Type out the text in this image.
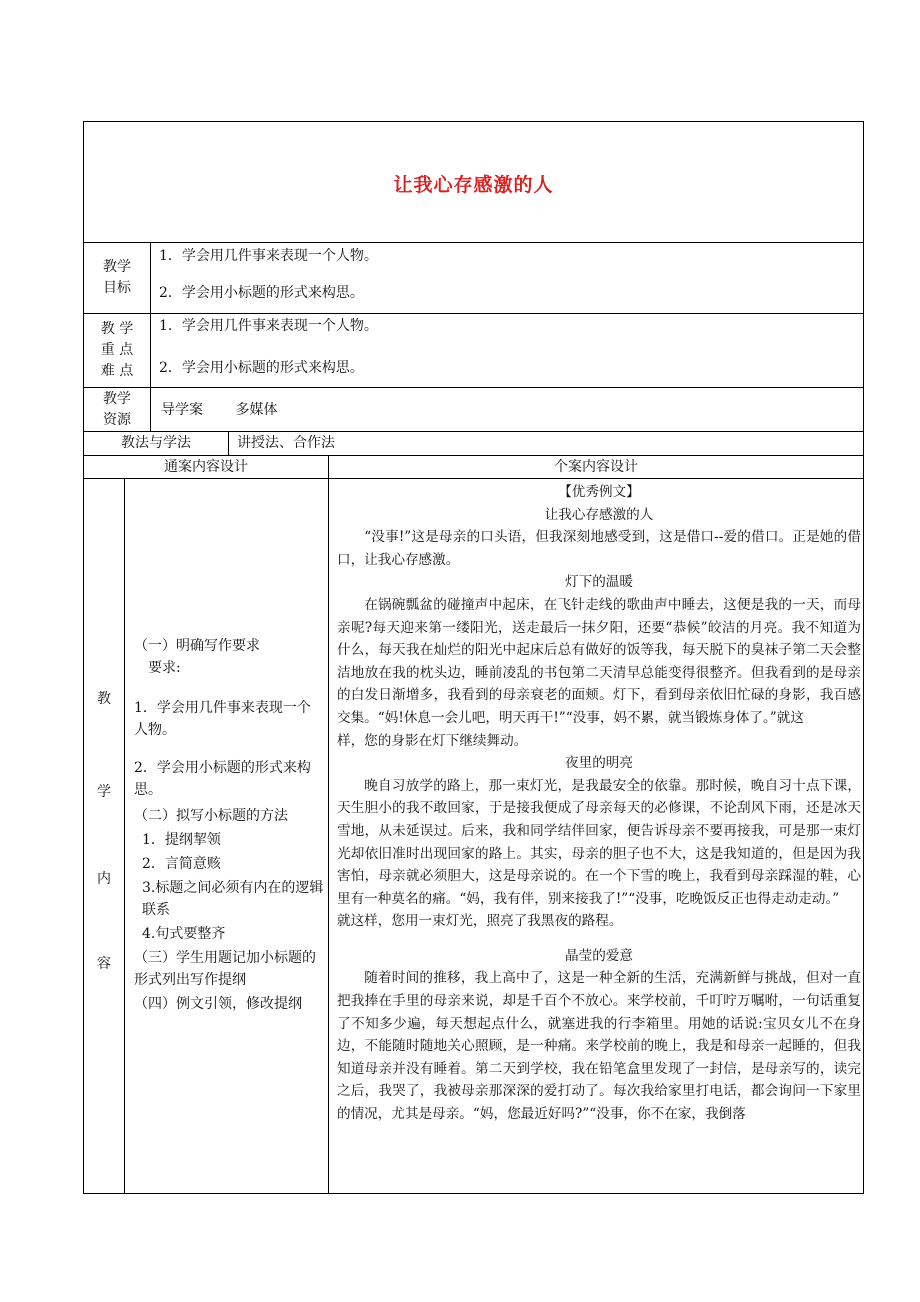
让我心存感激的人
教学
目标
1．学会用几件事来表现一个人物。
2．学会用小标题的形式来构思。
教 学
重 点
难 点
1．学会用几件事来表现一个人物。
2．学会用小标题的形式来构思。
教学
资源
导学案　　 多媒体
教法与学法	讲授法、合作法
通案内容设计	个案内容设计
教
学
内
容
（一）明确写作要求
要求:
1．学会用几件事来表现一个人物。
2．学会用小标题的形式来构思。
（二）拟写小标题的方法
1．提纲挈领
2．言简意赅
3.标题之间必须有内在的逻辑联系
4.句式要整齐
（三）学生用题记加小标题的形式列出写作提纲
（四）例文引领，修改提纲
【优秀例文】
让我心存感激的人
“没事!”这是母亲的口头语，但我深刻地感受到，这是借口--爱的借口。正是她的借口，让我心存感激。
灯下的温暖
在锅碗瓢盆的碰撞声中起床，在飞针走线的歌曲声中睡去，这便是我的一天，而母亲呢?每天迎来第一缕阳光，送走最后一抹夕阳，还要“恭候”皎洁的月亮。我不知道为什么，每天我在灿烂的阳光中起床后总有做好的饭等我，每天脱下的臭袜子第二天会整洁地放在我的枕头边，睡前凌乱的书包第二天清早总能变得很整齐。但我看到的是母亲的白发日渐增多，我看到的母亲衰老的面颊。灯下，看到母亲依旧忙碌的身影，我百感交集。“妈!休息一会儿吧，明天再干!”“没事，妈不累，就当锻炼身体了。”就这
样，您的身影在灯下继续舞动。
夜里的明亮
晚自习放学的路上，那一束灯光，是我最安全的依靠。那时候，晚自习十点下课，天生胆小的我不敢回家，于是接我便成了母亲每天的必修课，不论刮风下雨，还是冰天雪地，从未延误过。后来，我和同学结伴回家，便告诉母亲不要再接我，可是那一束灯光却依旧准时出现回家的路上。其实，母亲的胆子也不大，这是我知道的，但是因为我害怕，母亲就必须胆大，这是母亲说的。在一个下雪的晚上，我看到母亲踩湿的鞋，心里有一种莫名的痛。“妈，我有伴，别来接我了!”“没事，吃晚饭反正也得走动走动。”
就这样，您用一束灯光，照亮了我黑夜的路程。
晶莹的爱意
随着时间的推移，我上高中了，这是一种全新的生活，充满新鲜与挑战，但对一直把我捧在手里的母亲来说，却是千百个不放心。来学校前，千叮咛万嘱咐，一句话重复了不知多少遍，每天想起点什么，就塞进我的行李箱里。用她的话说:宝贝女儿不在身边，不能随时随地关心照顾，是一种痛。来学校前的晚上，我是和母亲一起睡的，但我知道母亲并没有睡着。第二天到学校，我在铅笔盒里发现了一封信，是母亲写的，读完之后，我哭了，我被母亲那深深的爱打动了。每次我给家里打电话，都会询问一下家里的情况，尤其是母亲。“妈，您最近好吗?”“没事，你不在家，我倒落
